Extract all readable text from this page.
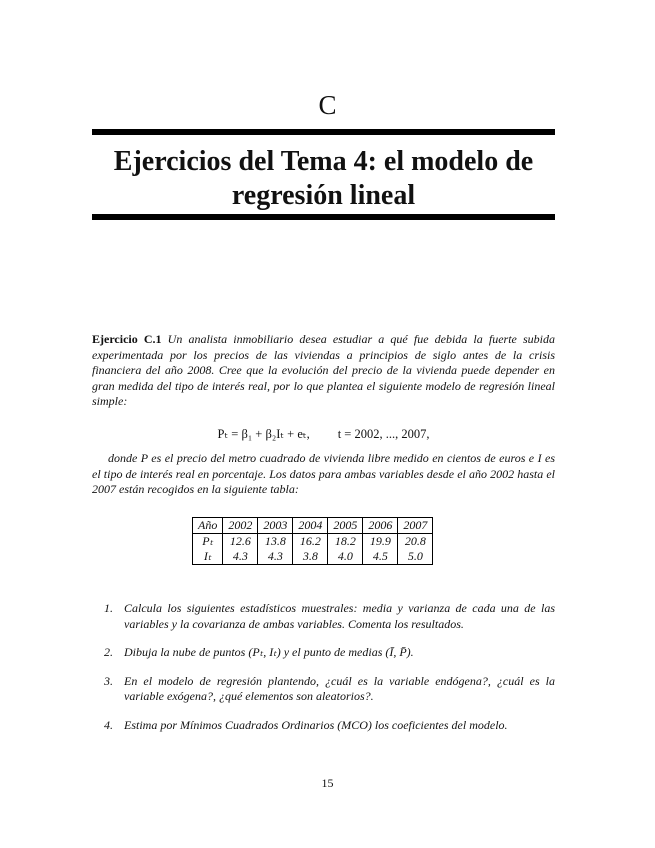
C
Ejercicios del Tema 4: el modelo de regresión lineal
Ejercicio C.1 Un analista inmobiliario desea estudiar a qué fue debida la fuerte subida experimentada por los precios de las viviendas a principios de siglo antes de la crisis financiera del año 2008. Cree que la evolución del precio de la vivienda puede depender en gran medida del tipo de interés real, por lo que plantea el siguiente modelo de regresión lineal simple:
Pₜ = β₁ + β₂Iₜ + eₜ, t = 2002, ..., 2007,
donde P es el precio del metro cuadrado de vivienda libre medido en cientos de euros e I es el tipo de interés real en porcentaje. Los datos para ambas variables desde el año 2002 hasta el 2007 están recogidos en la siguiente tabla:
Año	2002	2003	2004	2005	2006	2007
Pₜ	12.6	13.8	16.2	18.2	19.9	20.8
Iₜ	4.3	4.3	3.8	4.0	4.5	5.0
1. Calcula los siguientes estadísticos muestrales: media y varianza de cada una de las variables y la covarianza de ambas variables. Comenta los resultados.
2. Dibuja la nube de puntos (Pₜ, Iₜ) y el punto de medias (Ī, P̄).
3. En el modelo de regresión plantendo, ¿cuál es la variable endógena?, ¿cuál es la variable exógena?, ¿qué elementos son aleatorios?.
4. Estima por Mínimos Cuadrados Ordinarios (MCO) los coeficientes del modelo.
15
